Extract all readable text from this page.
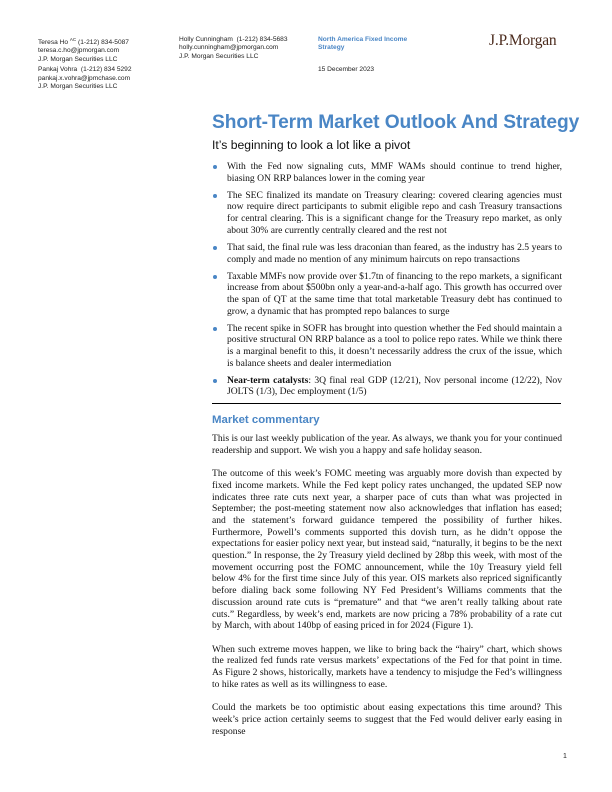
Teresa Ho $^{AC}$ (1-212) 834-5087
teresa.c.ho@jpmorgan.com
J.P. Morgan Securities LLC
Pankaj Vohra (1-212) 834 5292
pankaj.x.vohra@jpmchase.com
J.P. Morgan Securities LLC
Holly Cunningham (1-212) 834-5683
holly.cunningham@jpmorgan.com
J.P. Morgan Securities LLC
North America Fixed Income
Strategy
15 December 2023
J.P.Morgan
Short-Term Market Outlook And Strategy
It’s beginning to look a lot like a pivot
With the Fed now signaling cuts, MMF WAMs should continue to trend higher, biasing ON RRP balances lower in the coming year
The SEC finalized its mandate on Treasury clearing: covered clearing agencies must now require direct participants to submit eligible repo and cash Treasury transactions for central clearing. This is a significant change for the Treasury repo market, as only about 30% are currently centrally cleared and the rest not
That said, the final rule was less draconian than feared, as the industry has 2.5 years to comply and made no mention of any minimum haircuts on repo transactions
Taxable MMFs now provide over $1.7tn of financing to the repo markets, a significant increase from about $500bn only a year-and-a-half ago. This growth has occurred over the span of QT at the same time that total marketable Treasury debt has continued to grow, a dynamic that has prompted repo balances to surge
The recent spike in SOFR has brought into question whether the Fed should maintain a positive structural ON RRP balance as a tool to police repo rates. While we think there is a marginal benefit to this, it doesn’t necessarily address the crux of the issue, which is balance sheets and dealer intermediation
Near-term catalysts: 3Q final real GDP (12/21), Nov personal income (12/22), Nov JOLTS (1/3), Dec employment (1/5)
Market commentary

This is our last weekly publication of the year. As always, we thank you for your continued readership and support. We wish you a happy and safe holiday season.

The outcome of this week’s FOMC meeting was arguably more dovish than expected by fixed income markets. While the Fed kept policy rates unchanged, the updated SEP now indicates three rate cuts next year, a sharper pace of cuts than what was projected in September; the post-meeting statement now also acknowledges that inflation has eased; and the statement’s forward guidance tempered the possibility of further hikes. Furthermore, Powell’s comments supported this dovish turn, as he didn’t oppose the expectations for easier policy next year, but instead said, “naturally, it begins to be the next question.” In response, the 2y Treasury yield declined by 28bp this week, with most of the movement occurring post the FOMC announcement, while the 10y Treasury yield fell below 4% for the first time since July of this year. OIS markets also repriced significantly before dialing back some following NY Fed President’s Williams comments that the discussion around rate cuts is “premature” and that “we aren’t really talking about rate cuts.” Regardless, by week’s end, markets are now pricing a 78% probability of a rate cut by March, with about 140bp of easing priced in for 2024 (Figure 1).

When such extreme moves happen, we like to bring back the “hairy” chart, which shows the realized fed funds rate versus markets’ expectations of the Fed for that point in time. As Figure 2 shows, historically, markets have a tendency to misjudge the Fed’s willingness to hike rates as well as its willingness to ease.

Could the markets be too optimistic about easing expectations this time around? This week’s price action certainly seems to suggest that the Fed would deliver early easing in response

1
